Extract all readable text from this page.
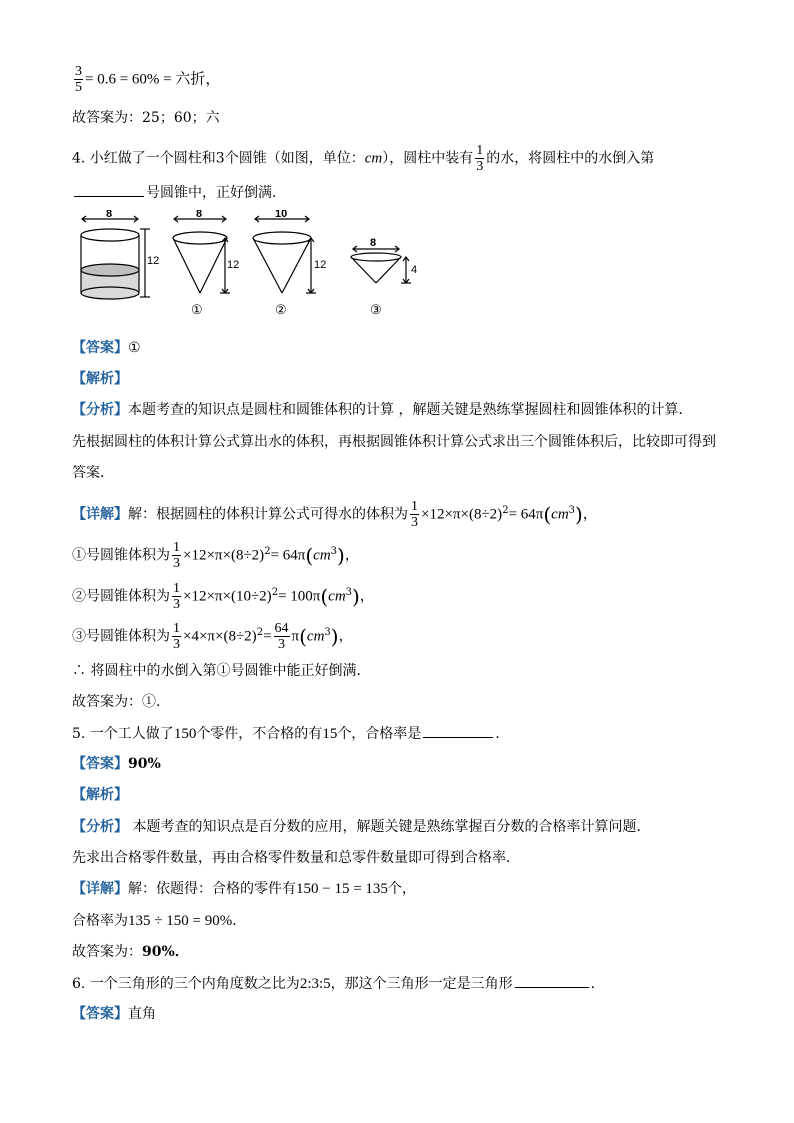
$\frac{3}{5} = 0.6 = 60\%$ = 六折，
故答案为：25；60；六
4. 小红做了一个圆柱和3个圆锥（如图，单位：cm），圆柱中装有 $\frac{1}{3}$ 的水，将圆柱中的水倒入第
号圆锥中，正好倒满．
8
12
8
12
①
10
12
②
8
4
③
【答案】①
【解析】
【分析】本题考查的知识点是圆柱和圆锥体积的计算 ，解题关键是熟练掌握圆柱和圆锥体积的计算．
先根据圆柱的体积计算公式算出水的体积，再根据圆锥体积计算公式求出三个圆锥体积后，比较即可得到
答案．
【详解】解：根据圆柱的体积计算公式可得水的体积为 $\frac{1}{3} \times 12\times\pi\times(8\div 2)^2= 64\pi(cm^3)$，
①号圆锥体积为 $\frac{1}{3} \times 12\times\pi\times(8\div 2)^2= 64\pi(cm^3)$，
②号圆锥体积为 $\frac{1}{3} \times 12\times\pi\times(10\div 2)^2= 100\pi(cm^3)$，
③号圆锥体积为 $\frac{1}{3} \times 4\times\pi\times(8\div 2)^2= \frac{64}{3} \pi(cm^3)$，
∴ 将圆柱中的水倒入第①号圆锥中能正好倒满．
故答案为：①．
5. 一个工人做了150个零件，不合格的有15个，合格率是	．
【答案】90%
【解析】
【分析】 本题考查的知识点是百分数的应用，解题关键是熟练掌握百分数的合格率计算问题．
先求出合格零件数量，再由合格零件数量和总零件数量即可得到合格率．
【详解】解：依题得：合格的零件有150 − 15 = 135个，
合格率为135 ÷ 150 = 90%．
故答案为：90%．
6. 一个三角形的三个内角度数之比为2:3:5，那这个三角形一定是三角形	．
【答案】直角
